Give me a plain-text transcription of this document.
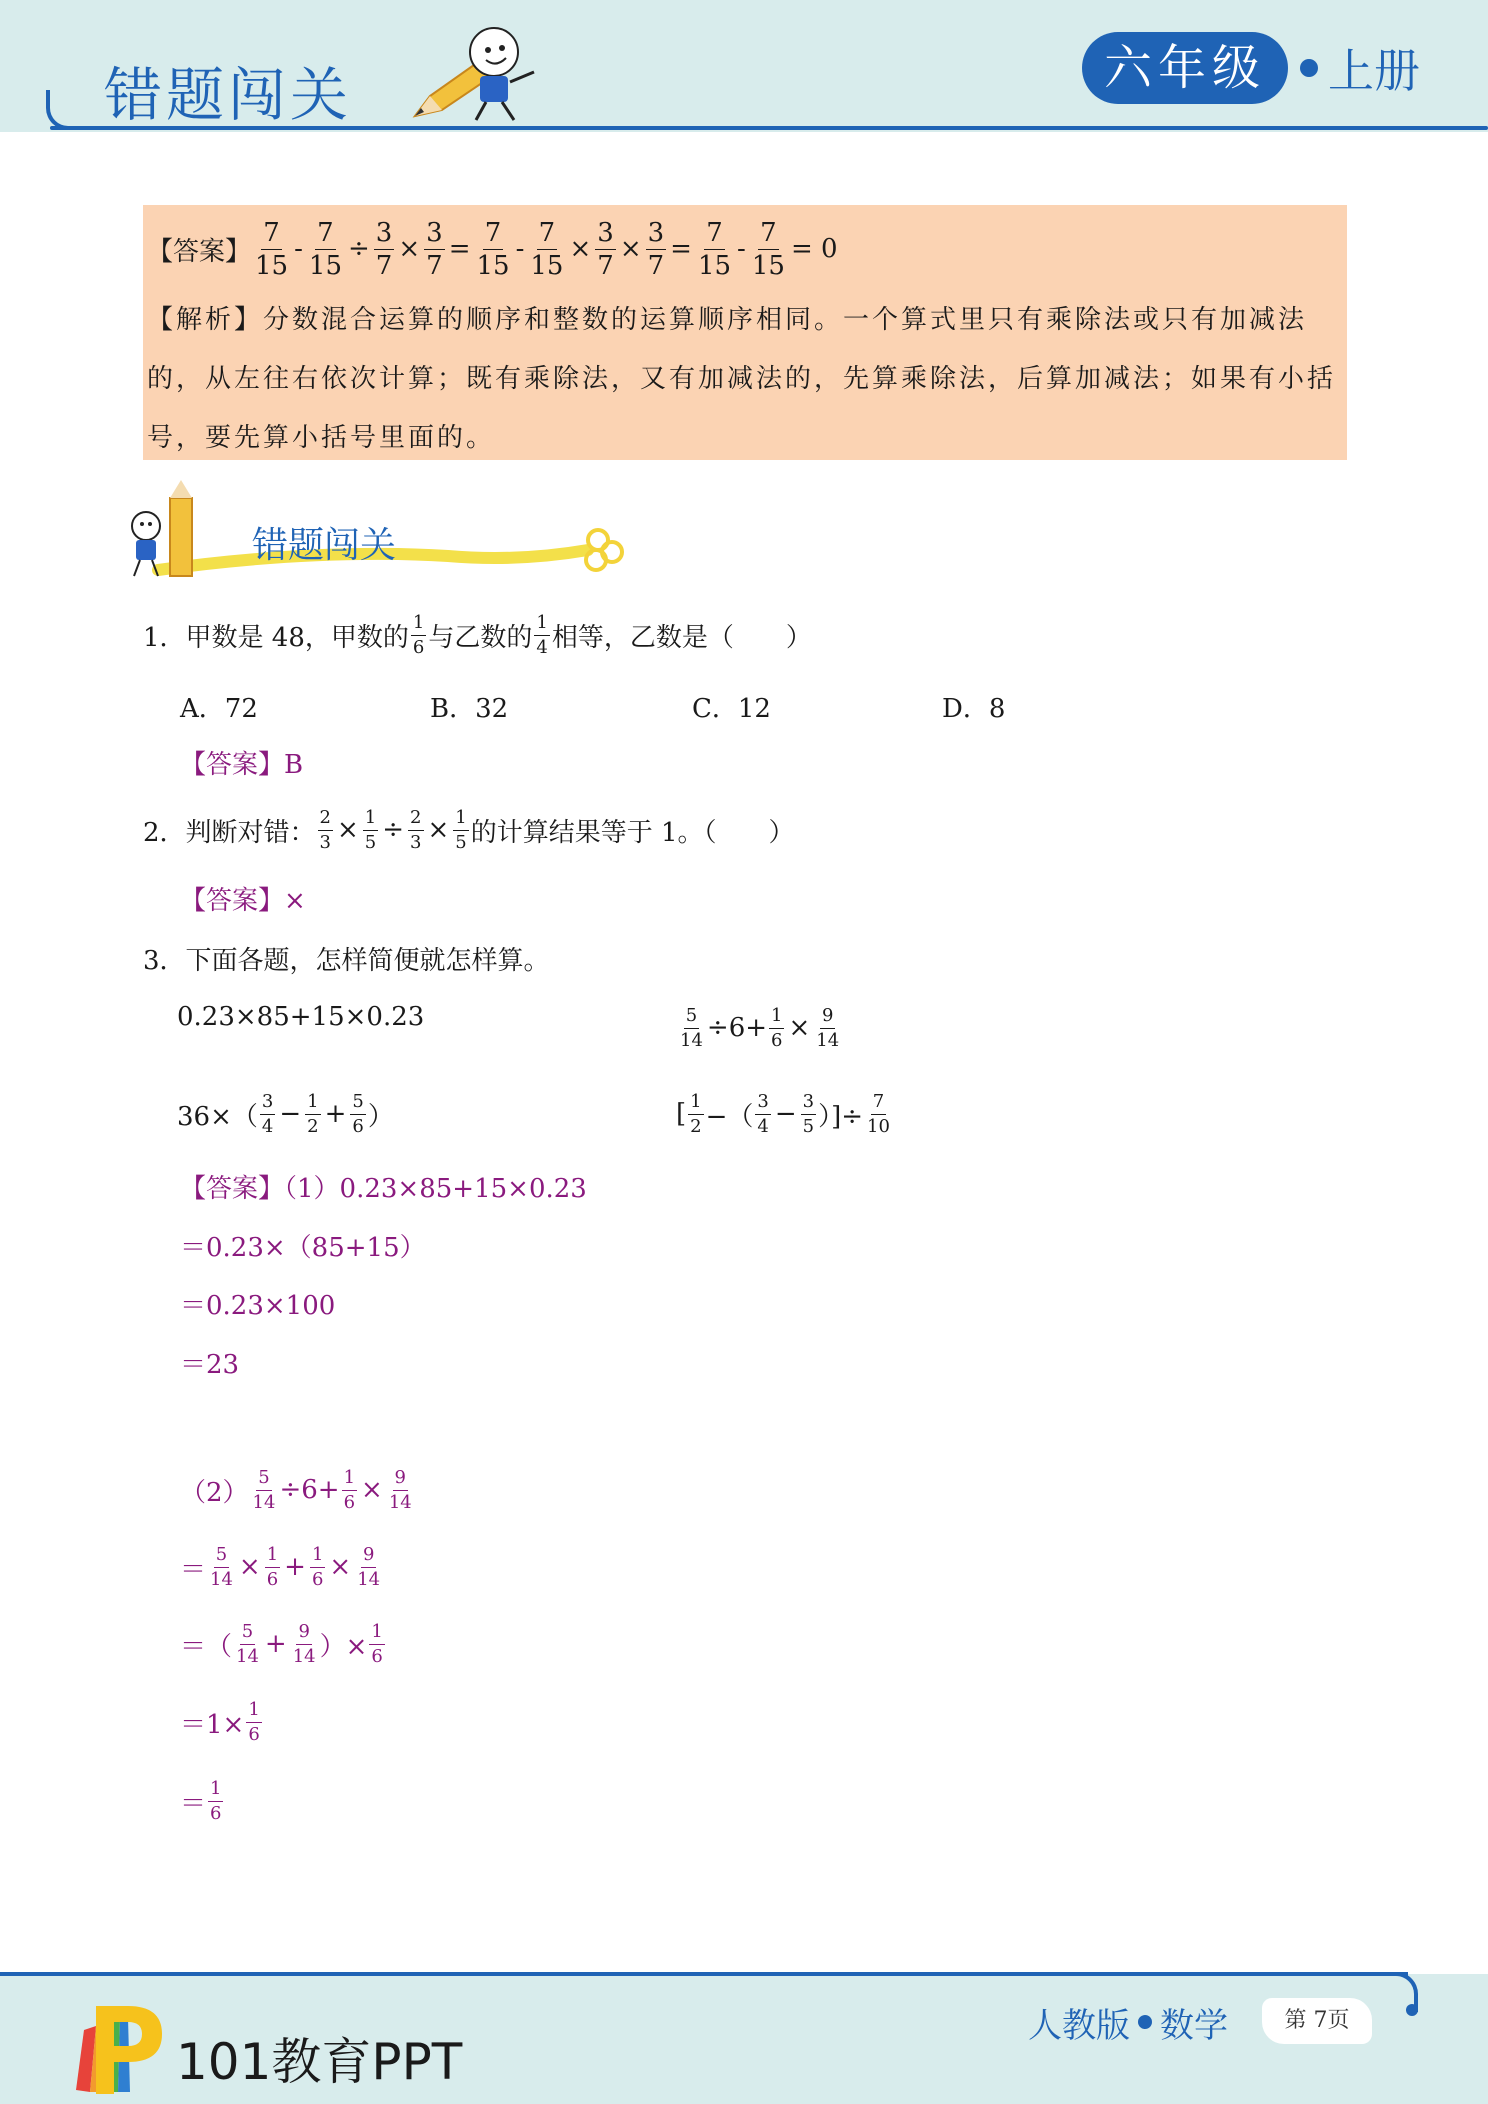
错题闯关	六年级	上册
【答案】 $\frac{7}{15} - \frac{7}{15} \div \frac{3}{7} \times \frac{3}{7} = \frac{7}{15} - \frac{7}{15} \times \frac{3}{7} \times \frac{3}{7} = \frac{7}{15} - \frac{7}{15} = 0$
【解析】分数混合运算的顺序和整数的运算顺序相同。一个算式里只有乘除法或只有加减法的，从左往右依次计算；既有乘除法，又有加减法的，先算乘除法，后算加减法；如果有小括号，要先算小括号里面的。
错题闯关
1．甲数是 48，甲数的 $\frac{1}{6}$ 与乙数的 $\frac{1}{4}$ 相等，乙数是（　　）
A．72	B．32	C．12	D．8
【答案】B
2．判断对错： $\frac{2}{3} \times \frac{1}{5} \div \frac{2}{3} \times \frac{1}{5}$ 的计算结果等于 1。（　　）
【答案】×
3．下面各题，怎样简便就怎样算。
0.23×85+15×0.23	$\frac{5}{14} \div 6+ \frac{1}{6} \times \frac{9}{14}$
$36\times( \frac{3}{4} - \frac{1}{2} + \frac{5}{6}$ ）	[ $\frac{1}{2}$ −（ $\frac{3}{4} - \frac{3}{5}$ ）]÷ $\frac{7}{10}$
【答案】（1）0.23×85+15×0.23
＝0.23×（85+15）
＝0.23×100
＝23
$(2) \frac{5}{14} \div 6+ \frac{1}{6} \times \frac{9}{14}$
＝ $\frac{5}{14} \times \frac{1}{6} + \frac{1}{6} \times \frac{9}{14}$
＝（ $\frac{5}{14} + \frac{9}{14}$ ）× $\frac{1}{6}$
$=1\times \frac{1}{6}$
＝ $\frac{1}{6}$
101教育PPT
人教版 数学	第 7页
